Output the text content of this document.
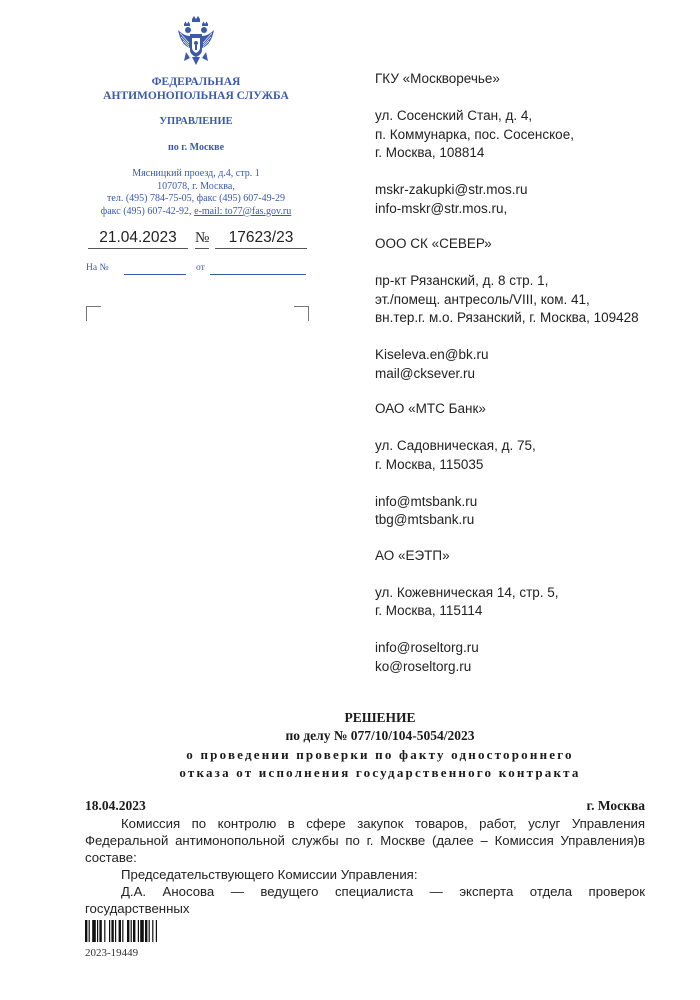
ФЕДЕРАЛЬНАЯ
АНТИМОНОПОЛЬНАЯ СЛУЖБА
УПРАВЛЕНИЕ
по г. Москве
Мясницкий проезд, д.4, стр. 1
107078, г. Москва,
тел. (495) 784-75-05, факс (495) 607-49-29
факс (495) 607-42-92, e-mail: to77@fas.gov.ru
21.04.2023	№	17623/23
На №	от
ГКУ «Москворечье»
ул. Сосенский Стан, д. 4,
п. Коммунарка, пос. Сосенское,
г. Москва, 108814
mskr-zakupki@str.mos.ru
info-mskr@str.mos.ru,
ООО СК «СЕВЕР»
пр-кт Рязанский, д. 8 стр. 1,
эт./помещ. антресоль/VIII, ком. 41,
вн.тер.г. м.о. Рязанский, г. Москва, 109428
Kiseleva.en@bk.ru
mail@cksever.ru
ОАО «МТС Банк»
ул. Садовническая, д. 75,
г. Москва, 115035
info@mtsbank.ru
tbg@mtsbank.ru
АО «ЕЭТП»
ул. Кожевническая 14, стр. 5,
г. Москва, 115114
info@roseltorg.ru
ko@roseltorg.ru
РЕШЕНИЕ
по делу № 077/10/104-5054/2023
о проведении проверки по факту одностороннего
отказа от исполнения государственного контракта
18.04.2023	г. Москва

Комиссия по контролю в сфере закупок товаров, работ, услуг Управления Федеральной антимонопольной службы по г. Москве (далее – Комиссия Управления)в составе:

Председательствующего Комиссии Управления:

Д.А. Аносова — ведущего специалиста — эксперта отдела проверок государственных

2023-19449
